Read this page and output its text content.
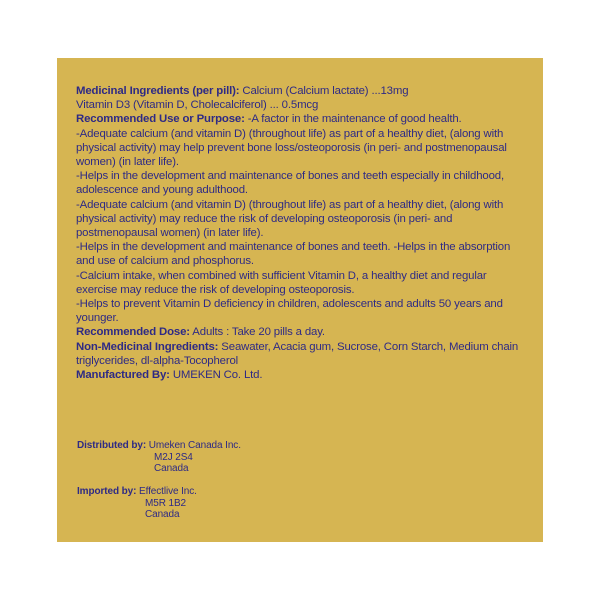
Medicinal Ingredients (per pill): Calcium (Calcium lactate) ...13mg

Vitamin D3 (Vitamin D, Cholecalciferol) ... 0.5mcg

Recommended Use or Purpose: -A factor in the maintenance of good health.

-Adequate calcium (and vitamin D) (throughout life) as part of a healthy diet, (along with physical activity) may help prevent bone loss/osteoporosis (in peri- and postmenopausal women) (in later life).

-Helps in the development and maintenance of bones and teeth especially in childhood, adolescence and young adulthood.

-Adequate calcium (and vitamin D) (throughout life) as part of a healthy diet, (along with physical activity) may reduce the risk of developing osteoporosis (in peri- and postmenopausal women) (in later life).

-Helps in the development and maintenance of bones and teeth. -Helps in the absorption and use of calcium and phosphorus.

-Calcium intake, when combined with sufficient Vitamin D, a healthy diet and regular exercise may reduce the risk of developing osteoporosis.

-Helps to prevent Vitamin D deficiency in children, adolescents and adults 50 years and younger.

Recommended Dose: Adults : Take 20 pills a day.

Non-Medicinal Ingredients: Seawater, Acacia gum, Sucrose, Corn Starch, Medium chain triglycerides, dl-alpha-Tocopherol

Manufactured By: UMEKEN Co. Ltd.

Distributed by: Umeken Canada Inc.
M2J 2S4
Canada
Imported by: Effectlive Inc.
M5R 1B2
Canada
